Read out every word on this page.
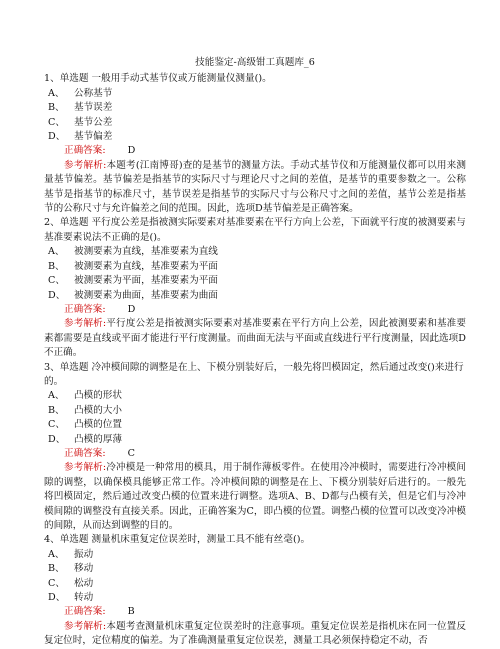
技能鉴定-高级钳工真题库_6
1、单选题 一般用手动式基节仪或万能测量仪测量()。
A、 公称基节
B、 基节误差
C、 基节公差
D、 基节偏差
正确答案: D
参考解析:本题考(江南博哥)查的是基节的测量方法。手动式基节仪和万能测量仪都可以用来测量基节偏差。基节偏差是指基节的实际尺寸与理论尺寸之间的差值，是基节的重要参数之一。公称基节是指基节的标准尺寸，基节误差是指基节的实际尺寸与公称尺寸之间的差值，基节公差是指基节的公称尺寸与允许偏差之间的范围。因此，选项D基节偏差是正确答案。
2、单选题 平行度公差是指被测实际要素对基准要素在平行方向上公差，下面就平行度的被测要素与基准要素说法不正确的是()。
A、 被测要素为直线，基准要素为直线
B、 被测要素为直线，基准要素为平面
C、 被测要素为平面，基准要素为平面
D、 被测要素为曲面，基准要素为曲面
正确答案: D
参考解析:平行度公差是指被测实际要素对基准要素在平行方向上公差，因此被测要素和基准要素都需要是直线或平面才能进行平行度测量。而曲面无法与平面或直线进行平行度测量，因此选项D不正确。
3、单选题 冷冲模间隙的调整是在上、下模分别装好后，一般先将凹模固定，然后通过改变()来进行的。
A、 凸模的形状
B、 凸模的大小
C、 凸模的位置
D、 凸模的厚薄
正确答案: C
参考解析:冷冲模是一种常用的模具，用于制作薄板零件。在使用冷冲模时，需要进行冷冲模间隙的调整，以确保模具能够正常工作。冷冲模间隙的调整是在上、下模分别装好后进行的。一般先将凹模固定，然后通过改变凸模的位置来进行调整。选项A、B、D都与凸模有关，但是它们与冷冲模间隙的调整没有直接关系。因此，正确答案为C，即凸模的位置。调整凸模的位置可以改变冷冲模的间隙，从而达到调整的目的。
4、单选题 测量机床重复定位误差时，测量工具不能有丝毫()。
A、 振动
B、 移动
C、 松动
D、 转动
正确答案: B
参考解析:本题考查测量机床重复定位误差时的注意事项。重复定位误差是指机床在同一位置反复定位时，定位精度的偏差。为了准确测量重复定位误差，测量工具必须保持稳定不动，否
